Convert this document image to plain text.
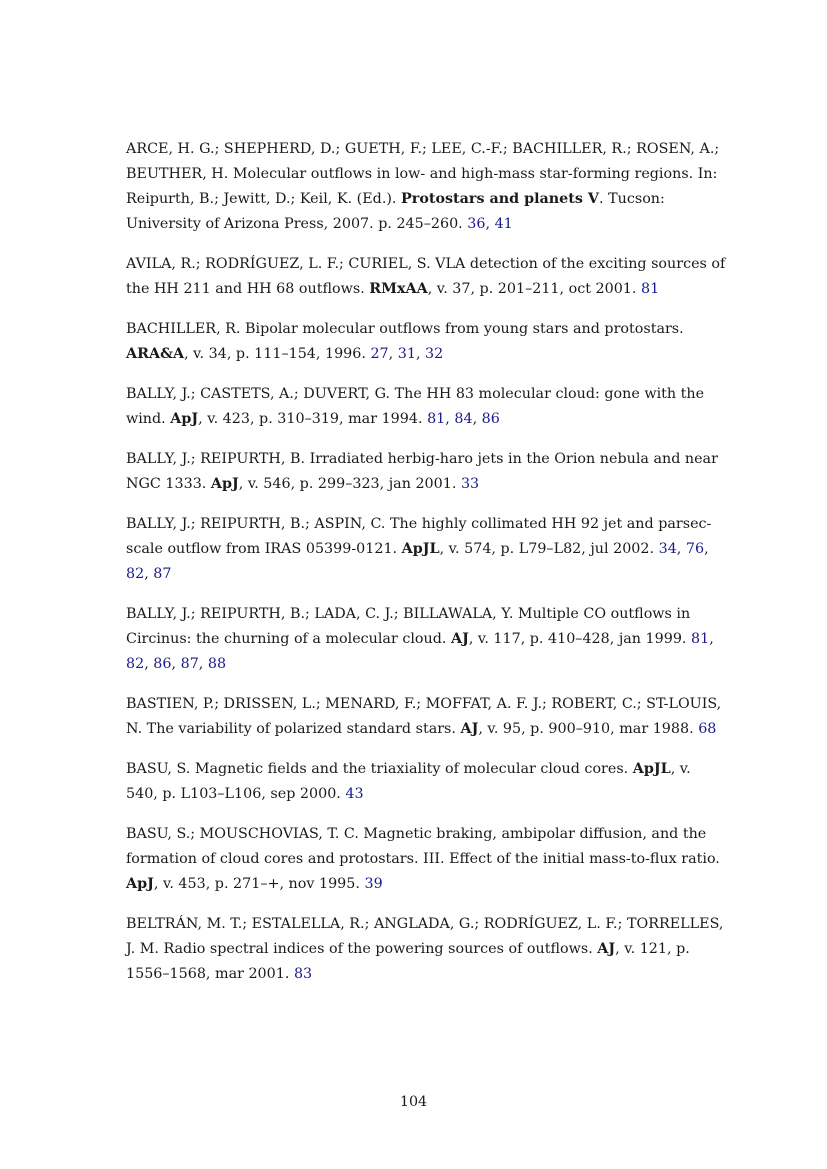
ARCE, H. G.; SHEPHERD, D.; GUETH, F.; LEE, C.-F.; BACHILLER, R.; ROSEN, A.; BEUTHER, H. Molecular outflows in low- and high-mass star-forming regions. In: Reipurth, B.; Jewitt, D.; Keil, K. (Ed.). Protostars and planets V. Tucson: University of Arizona Press, 2007. p. 245–260. 36, 41

AVILA, R.; RODRÍGUEZ, L. F.; CURIEL, S. VLA detection of the exciting sources of the HH 211 and HH 68 outflows. RMxAA, v. 37, p. 201–211, oct 2001. 81

BACHILLER, R. Bipolar molecular outflows from young stars and protostars. ARA&A, v. 34, p. 111–154, 1996. 27, 31, 32

BALLY, J.; CASTETS, A.; DUVERT, G. The HH 83 molecular cloud: gone with the wind. ApJ, v. 423, p. 310–319, mar 1994. 81, 84, 86

BALLY, J.; REIPURTH, B. Irradiated herbig-haro jets in the Orion nebula and near NGC 1333. ApJ, v. 546, p. 299–323, jan 2001. 33

BALLY, J.; REIPURTH, B.; ASPIN, C. The highly collimated HH 92 jet and parsec-scale outflow from IRAS 05399-0121. ApJL, v. 574, p. L79–L82, jul 2002. 34, 76, 82, 87

BALLY, J.; REIPURTH, B.; LADA, C. J.; BILLAWALA, Y. Multiple CO outflows in Circinus: the churning of a molecular cloud. AJ, v. 117, p. 410–428, jan 1999. 81, 82, 86, 87, 88

BASTIEN, P.; DRISSEN, L.; MENARD, F.; MOFFAT, A. F. J.; ROBERT, C.; ST-LOUIS, N. The variability of polarized standard stars. AJ, v. 95, p. 900–910, mar 1988. 68

BASU, S. Magnetic fields and the triaxiality of molecular cloud cores. ApJL, v. 540, p. L103–L106, sep 2000. 43

BASU, S.; MOUSCHOVIAS, T. C. Magnetic braking, ambipolar diffusion, and the formation of cloud cores and protostars. III. Effect of the initial mass-to-flux ratio. ApJ, v. 453, p. 271–+, nov 1995. 39

BELTRÁN, M. T.; ESTALELLA, R.; ANGLADA, G.; RODRÍGUEZ, L. F.; TORRELLES, J. M. Radio spectral indices of the powering sources of outflows. AJ, v. 121, p. 1556–1568, mar 2001. 83

104
